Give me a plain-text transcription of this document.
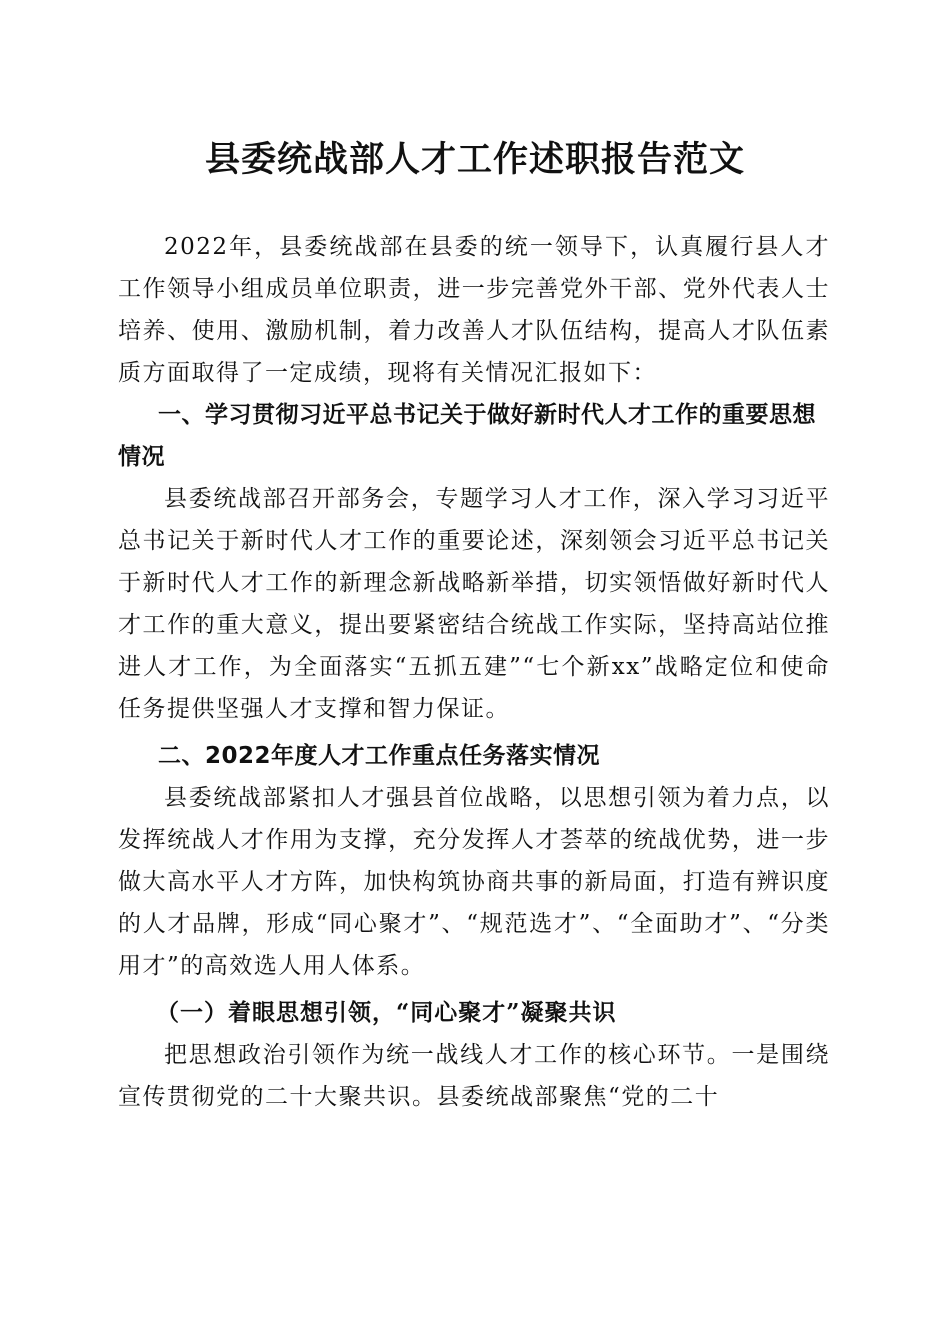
县委统战部人才工作述职报告范文

2022年，县委统战部在县委的统一领导下，认真履行县人才工作领导小组成员单位职责，进一步完善党外干部、党外代表人士培养、使用、激励机制，着力改善人才队伍结构，提高人才队伍素质方面取得了一定成绩，现将有关情况汇报如下：

一、学习贯彻习近平总书记关于做好新时代人才工作的重要思想情况

县委统战部召开部务会，专题学习人才工作，深入学习习近平总书记关于新时代人才工作的重要论述，深刻领会习近平总书记关于新时代人才工作的新理念新战略新举措，切实领悟做好新时代人才工作的重大意义，提出要紧密结合统战工作实际，坚持高站位推进人才工作，为全面落实“五抓五建”“七个新xx”战略定位和使命任务提供坚强人才支撑和智力保证。

二、2022年度人才工作重点任务落实情况

县委统战部紧扣人才强县首位战略，以思想引领为着力点，以发挥统战人才作用为支撑，充分发挥人才荟萃的统战优势，进一步做大高水平人才方阵，加快构筑协商共事的新局面，打造有辨识度的人才品牌，形成“同心聚才”、“规范选才”、“全面助才”、“分类用才”的高效选人用人体系。

（一）着眼思想引领，“同心聚才”凝聚共识

把思想政治引领作为统一战线人才工作的核心环节。一是围绕宣传贯彻党的二十大聚共识。县委统战部聚焦“党的二十
